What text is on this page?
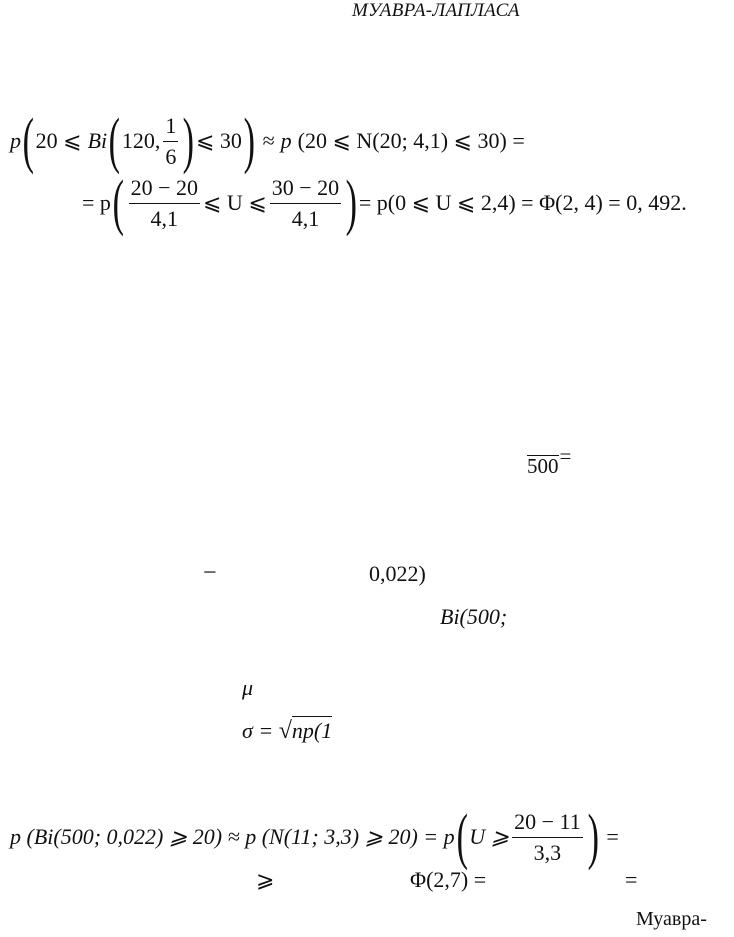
МУАВРА-ЛАПЛАСА
p ( 20 ⩽ Bi ( 120, $\frac{1}{6}$ ) ⩽ 30 ) ≈ p (20 ⩽ N(20; 4,1) ⩽ 30) =
= p ( $\frac{20 - 20}{4,1}$ ⩽ U ⩽ $\frac{30 - 20}{4,1}$ ) = p(0 ⩽ U ⩽ 2,4) = Φ(2, 4) = 0, 492.
500=
−	0,022)
Bi(500;
μ
σ = √np(1
p (Bi(500; 0,022) ⩾ 20) ≈ p (N(11; 3,3) ⩾ 20) = p ( U ⩾ $\frac{20 - 11}{3,3}$ ) =
⩾	Φ(2,7) =	=
Муавра-
